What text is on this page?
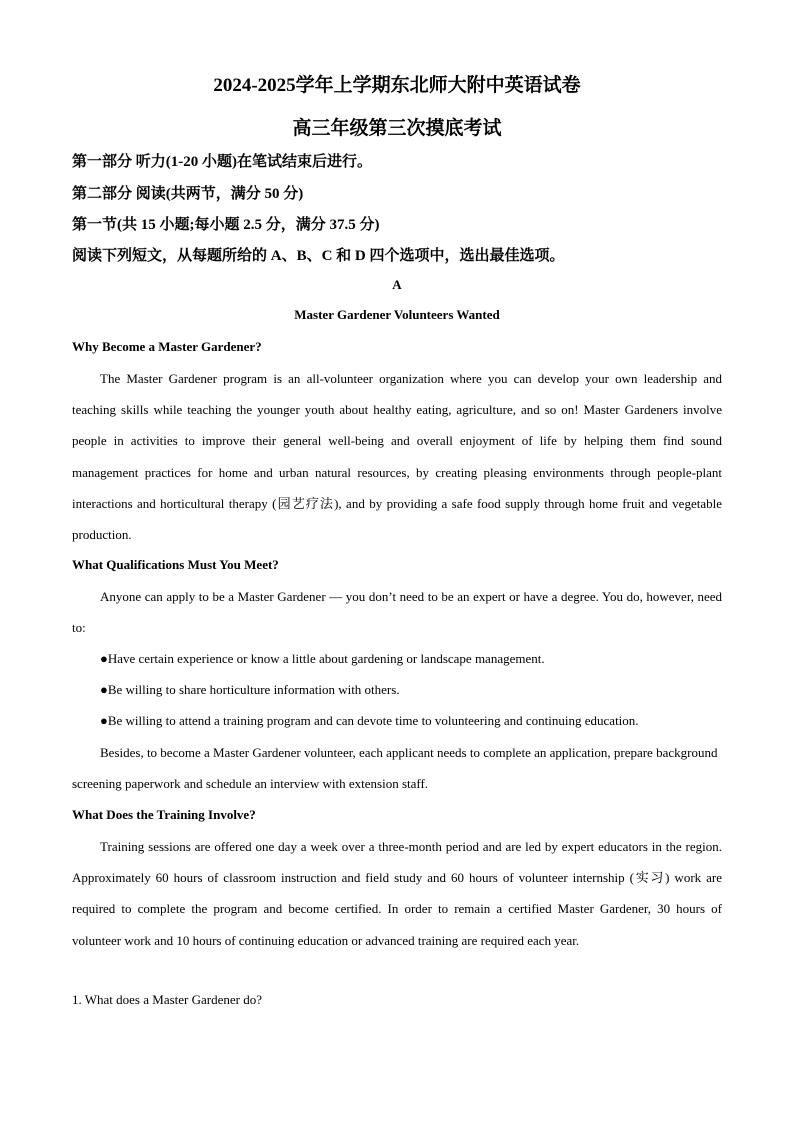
2024-2025学年上学期东北师大附中英语试卷
高三年级第三次摸底考试
第一部分 听力(1-20 小题)在笔试结束后进行。
第二部分 阅读(共两节，满分 50 分)
第一节(共 15 小题;每小题 2.5 分，满分 37.5 分)
阅读下列短文，从每题所给的 A、B、C 和 D 四个选项中，选出最佳选项。
A
Master Gardener Volunteers Wanted
Why Become a Master Gardener?

The Master Gardener program is an all-volunteer organization where you can develop your own leadership and teaching skills while teaching the younger youth about healthy eating, agriculture, and so on! Master Gardeners involve people in activities to improve their general well-being and overall enjoyment of life by helping them find sound management practices for home and urban natural resources, by creating pleasing environments through people-plant interactions and horticultural therapy (园艺疗法), and by providing a safe food supply through home fruit and vegetable production.

What Qualifications Must You Meet?

Anyone can apply to be a Master Gardener — you don’t need to be an expert or have a degree. You do, however, need to:

●Have certain experience or know a little about gardening or landscape management.
●Be willing to share horticulture information with others.
●Be willing to attend a training program and can devote time to volunteering and continuing education.

Besides, to become a Master Gardener volunteer, each applicant needs to complete an application, prepare background screening paperwork and schedule an interview with extension staff.

What Does the Training Involve?

Training sessions are offered one day a week over a three-month period and are led by expert educators in the region. Approximately 60 hours of classroom instruction and field study and 60 hours of volunteer internship (实习) work are required to complete the program and become certified. In order to remain a certified Master Gardener, 30 hours of volunteer work and 10 hours of continuing education or advanced training are required each year.

1. What does a Master Gardener do?
